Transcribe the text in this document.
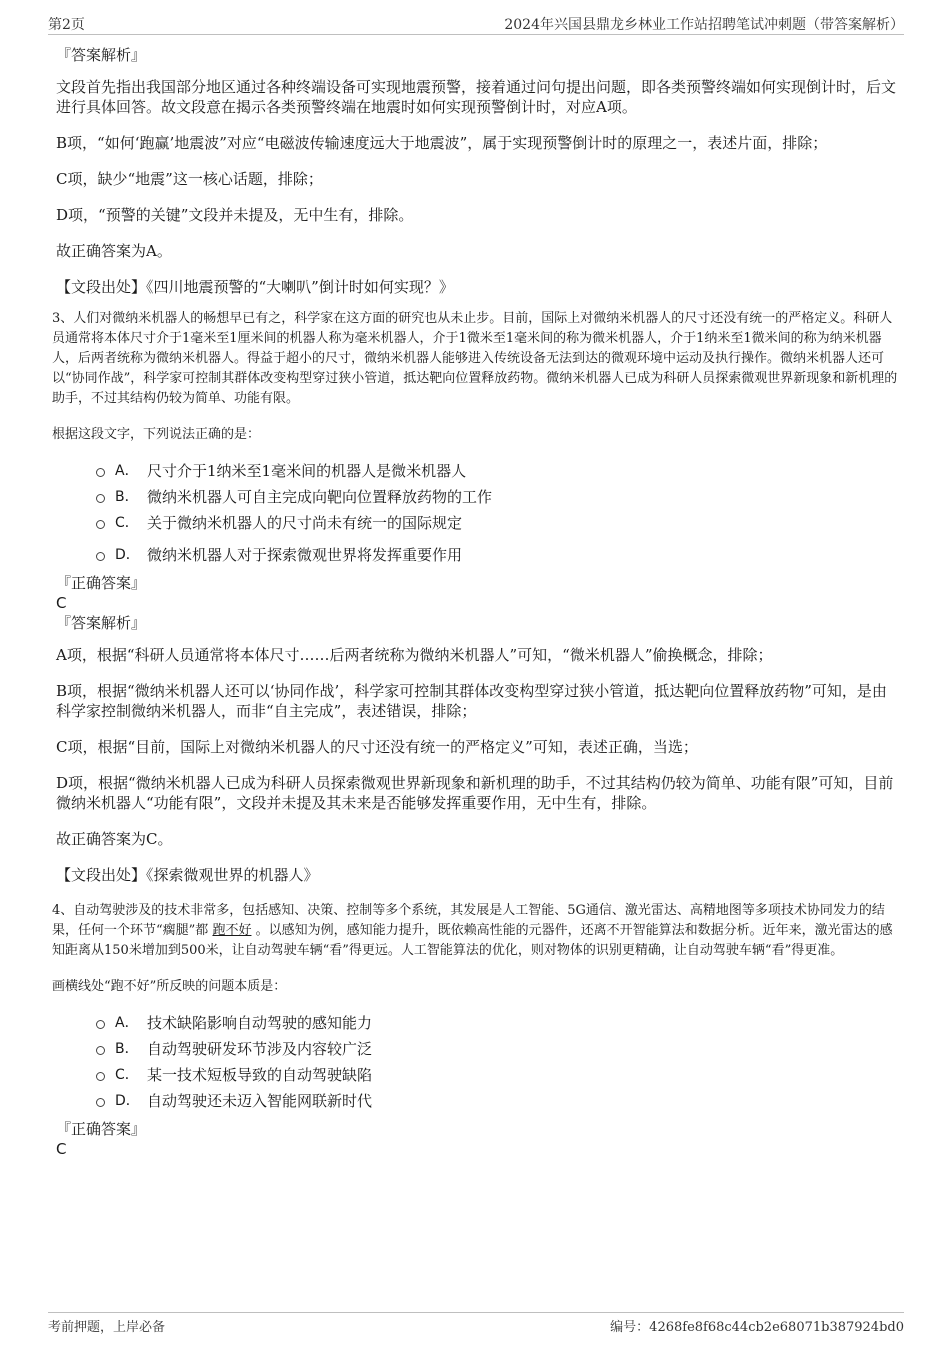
第2页	2024年兴国县鼎龙乡林业工作站招聘笔试冲刺题（带答案解析）

『答案解析』

文段首先指出我国部分地区通过各种终端设备可实现地震预警，接着通过问句提出问题，即各类预警终端如何实现倒计时，后文进行具体回答。故文段意在揭示各类预警终端在地震时如何实现预警倒计时，对应A项。

B项，“如何‘跑赢’地震波”对应“电磁波传输速度远大于地震波”，属于实现预警倒计时的原理之一，表述片面，排除；

C项，缺少“地震”这一核心话题，排除；

D项，“预警的关键”文段并未提及，无中生有，排除。

故正确答案为A。

【文段出处】《四川地震预警的“大喇叭”倒计时如何实现？》

3、人们对微纳米机器人的畅想早已有之，科学家在这方面的研究也从未止步。目前，国际上对微纳米机器人的尺寸还没有统一的严格定义。科研人员通常将本体尺寸介于1毫米至1厘米间的机器人称为毫米机器人，介于1微米至1毫米间的称为微米机器人，介于1纳米至1微米间的称为纳米机器人，后两者统称为微纳米机器人。得益于超小的尺寸，微纳米机器人能够进入传统设备无法到达的微观环境中运动及执行操作。微纳米机器人还可以“协同作战”，科学家可控制其群体改变构型穿过狭小管道，抵达靶向位置释放药物。微纳米机器人已成为科研人员探索微观世界新现象和新机理的助手，不过其结构仍较为简单、功能有限。

根据这段文字，下列说法正确的是：

A． 尺寸介于1纳米至1毫米间的机器人是微米机器人
B． 微纳米机器人可自主完成向靶向位置释放药物的工作
C． 关于微纳米机器人的尺寸尚未有统一的国际规定
D． 微纳米机器人对于探索微观世界将发挥重要作用

『正确答案』

C

『答案解析』

A项，根据“科研人员通常将本体尺寸……后两者统称为微纳米机器人”可知，“微米机器人”偷换概念，排除；

B项，根据“微纳米机器人还可以‘协同作战’，科学家可控制其群体改变构型穿过狭小管道，抵达靶向位置释放药物”可知，是由科学家控制微纳米机器人，而非“自主完成”，表述错误，排除；

C项，根据“目前，国际上对微纳米机器人的尺寸还没有统一的严格定义”可知，表述正确，当选；

D项，根据“微纳米机器人已成为科研人员探索微观世界新现象和新机理的助手，不过其结构仍较为简单、功能有限”可知，目前微纳米机器人“功能有限”，文段并未提及其未来是否能够发挥重要作用，无中生有，排除。

故正确答案为C。

【文段出处】《探索微观世界的机器人》

4、自动驾驶涉及的技术非常多，包括感知、决策、控制等多个系统，其发展是人工智能、5G通信、激光雷达、高精地图等多项技术协同发力的结果，任何一个环节“瘸腿”都 跑不好 。以感知为例，感知能力提升，既依赖高性能的元器件，还离不开智能算法和数据分析。近年来，激光雷达的感知距离从150米增加到500米，让自动驾驶车辆“看”得更远。人工智能算法的优化，则对物体的识别更精确，让自动驾驶车辆“看”得更准。

画横线处“跑不好”所反映的问题本质是：

A． 技术缺陷影响自动驾驶的感知能力
B． 自动驾驶研发环节涉及内容较广泛
C． 某一技术短板导致的自动驾驶缺陷
D． 自动驾驶还未迈入智能网联新时代

『正确答案』

C

考前押题，上岸必备	编号：4268fe8f68c44cb2e68071b387924bd0
